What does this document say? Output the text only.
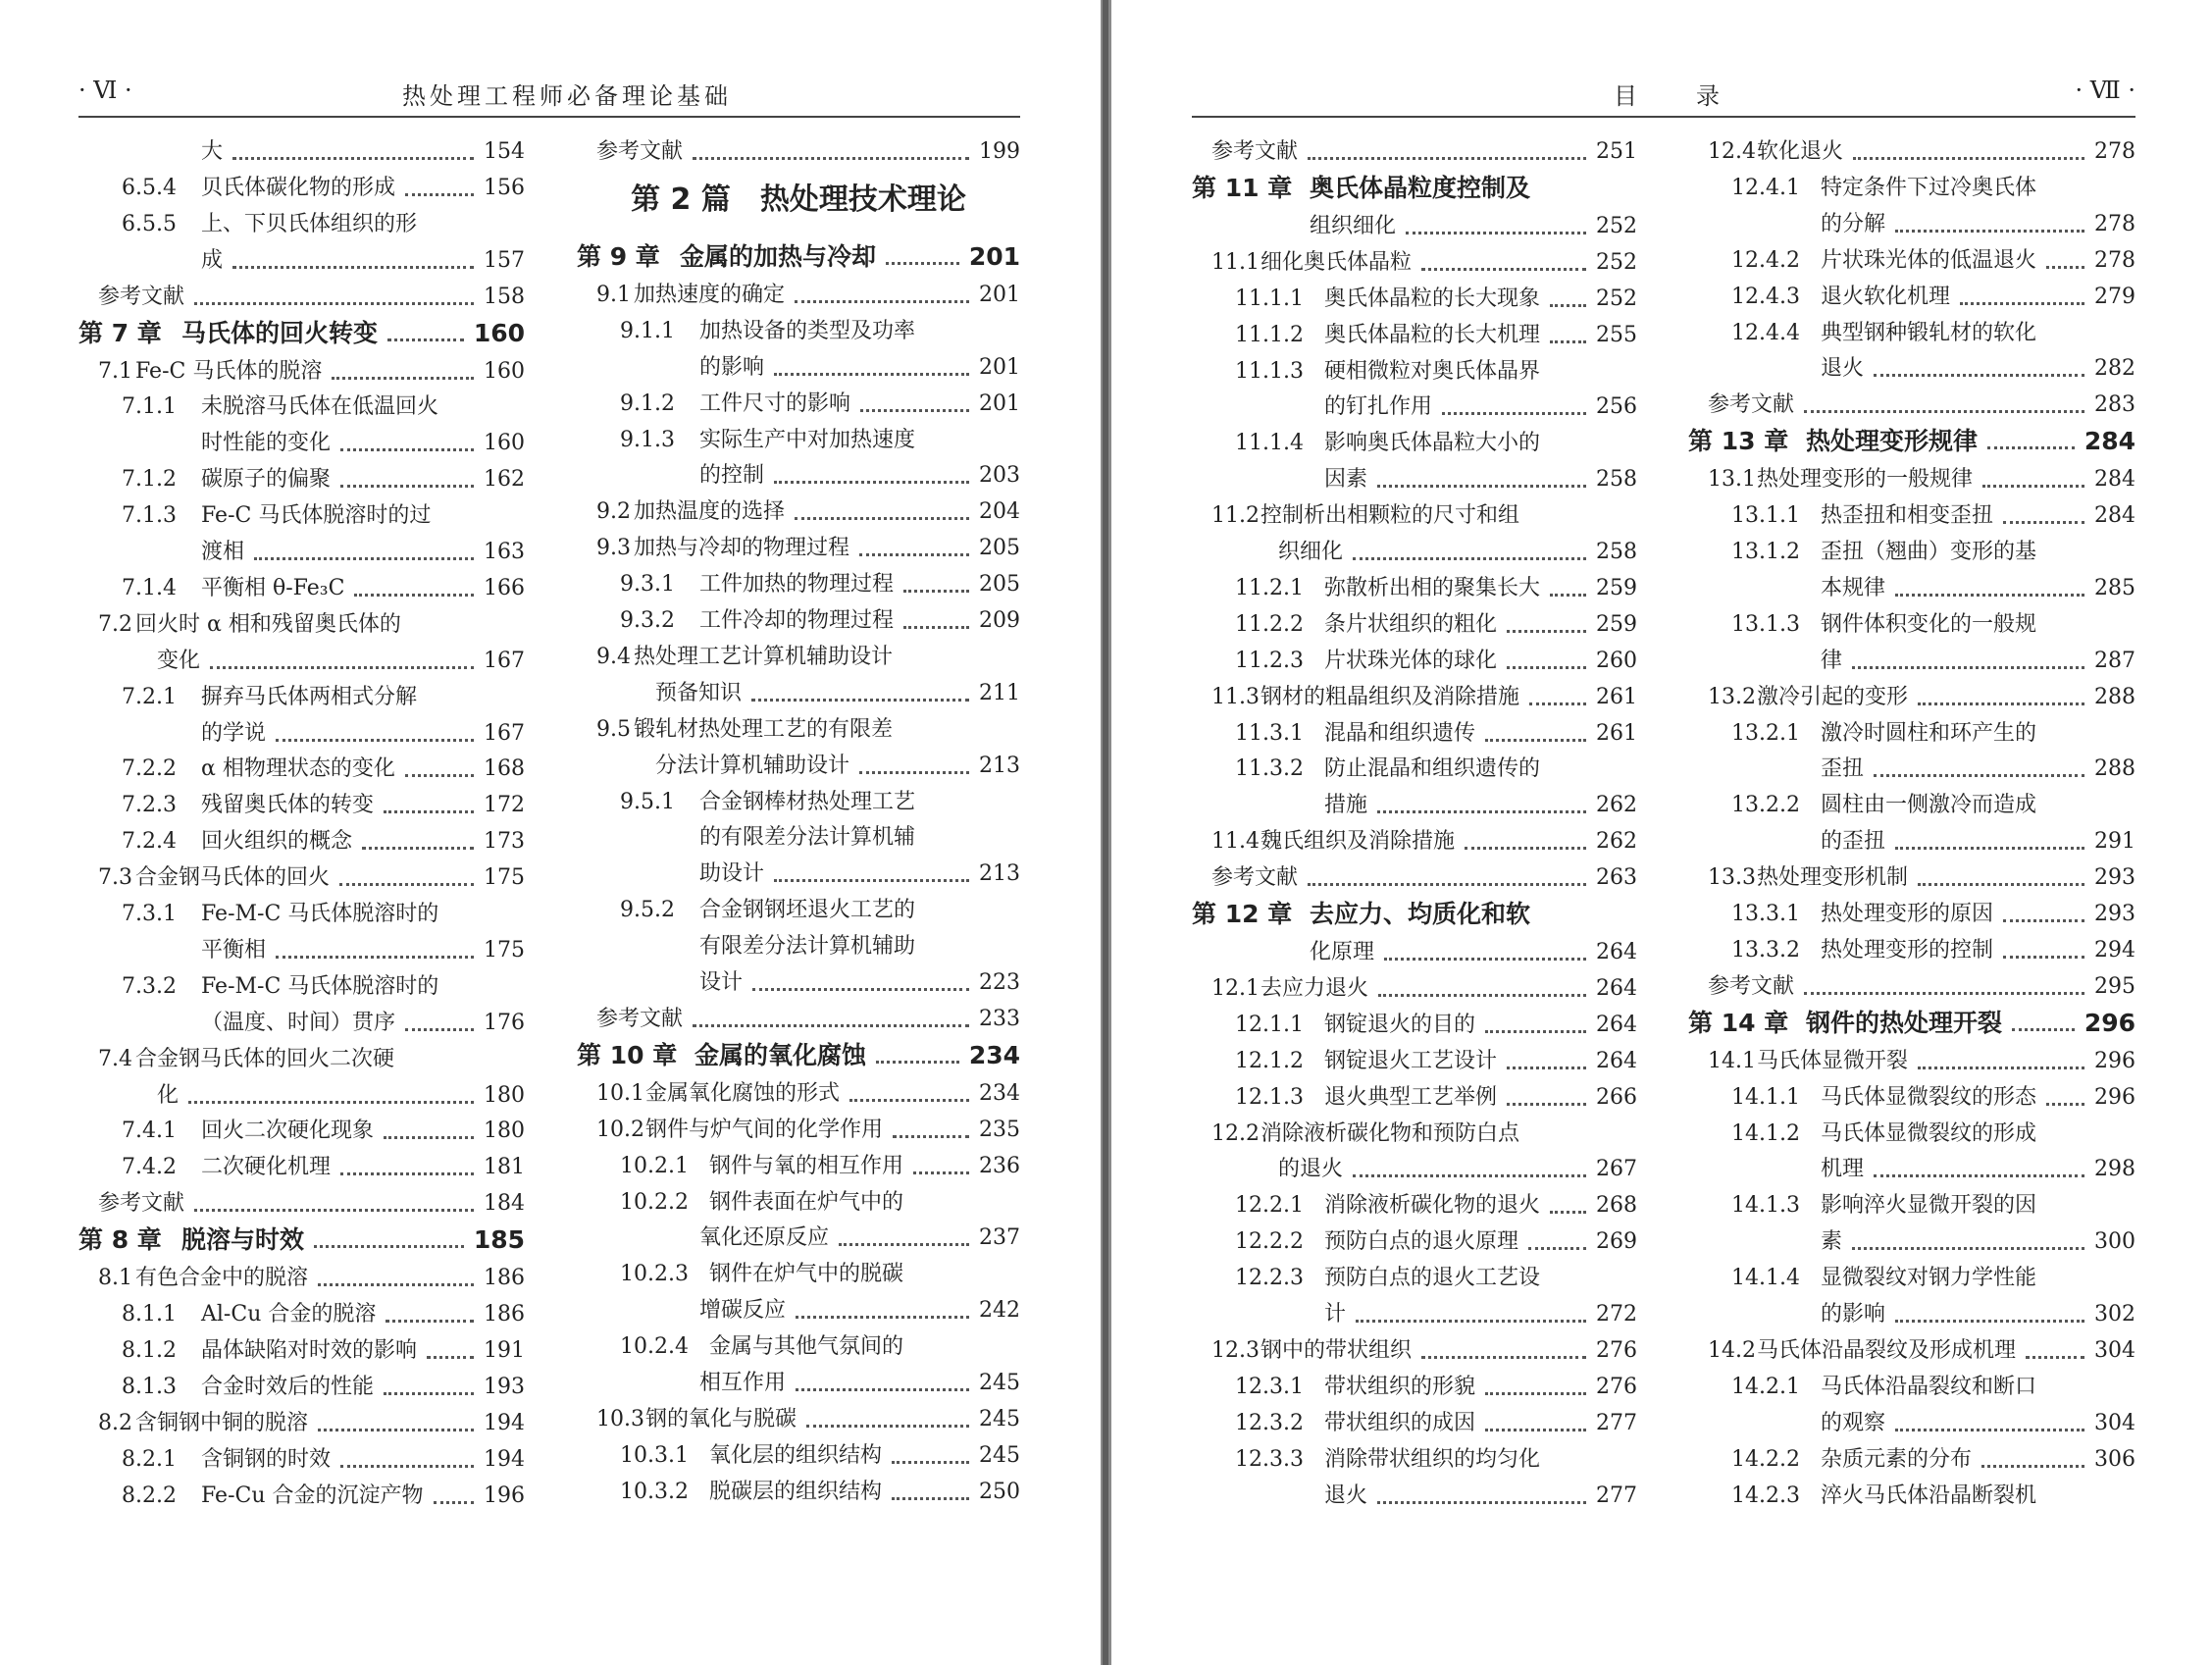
· Ⅵ ·	热处理工程师必备理论基础
大	154
6.5.4 贝氏体碳化物的形成	156
6.5.5 上、下贝氏体组织的形
成	157
参考文献	158
第 7 章 马氏体的回火转变	160
7.1 Fe-C 马氏体的脱溶	160
7.1.1 未脱溶马氏体在低温回火
时性能的变化	160
7.1.2 碳原子的偏聚	162
7.1.3 Fe-C 马氏体脱溶时的过
渡相	163
7.1.4 平衡相 θ-Fe₃C	166
7.2 回火时 α 相和残留奥氏体的
变化	167
7.2.1 摒弃马氏体两相式分解
的学说	167
7.2.2 α 相物理状态的变化	168
7.2.3 残留奥氏体的转变	172
7.2.4 回火组织的概念	173
7.3 合金钢马氏体的回火	175
7.3.1 Fe-M-C 马氏体脱溶时的
平衡相	175
7.3.2 Fe-M-C 马氏体脱溶时的
（温度、时间）贯序	176
7.4 合金钢马氏体的回火二次硬
化	180
7.4.1 回火二次硬化现象	180
7.4.2 二次硬化机理	181
参考文献	184
第 8 章 脱溶与时效	185
8.1 有色合金中的脱溶	186
8.1.1 Al-Cu 合金的脱溶	186
8.1.2 晶体缺陷对时效的影响	191
8.1.3 合金时效后的性能	193
8.2 含铜钢中铜的脱溶	194
8.2.1 含铜钢的时效	194
8.2.2 Fe-Cu 合金的沉淀产物	196
参考文献	199
第 2 篇　热处理技术理论
第 9 章 金属的加热与冷却	201
9.1 加热速度的确定	201
9.1.1 加热设备的类型及功率
的影响	201
9.1.2 工件尺寸的影响	201
9.1.3 实际生产中对加热速度
的控制	203
9.2 加热温度的选择	204
9.3 加热与冷却的物理过程	205
9.3.1 工件加热的物理过程	205
9.3.2 工件冷却的物理过程	209
9.4 热处理工艺计算机辅助设计
预备知识	211
9.5 锻轧材热处理工艺的有限差
分法计算机辅助设计	213
9.5.1 合金钢棒材热处理工艺
的有限差分法计算机辅
助设计	213
9.5.2 合金钢钢坯退火工艺的
有限差分法计算机辅助
设计	223
参考文献	233
第 10 章 金属的氧化腐蚀	234
10.1 金属氧化腐蚀的形式	234
10.2 钢件与炉气间的化学作用	235
10.2.1 钢件与氧的相互作用	236
10.2.2 钢件表面在炉气中的
氧化还原反应	237
10.2.3 钢件在炉气中的脱碳
增碳反应	242
10.2.4 金属与其他气氛间的
相互作用	245
10.3 钢的氧化与脱碳	245
10.3.1 氧化层的组织结构	245
10.3.2 脱碳层的组织结构	250
目　　录	· Ⅶ ·
参考文献	251
第 11 章 奥氏体晶粒度控制及
组织细化	252
11.1 细化奥氏体晶粒	252
11.1.1 奥氏体晶粒的长大现象	252
11.1.2 奥氏体晶粒的长大机理	255
11.1.3 硬相微粒对奥氏体晶界
的钉扎作用	256
11.1.4 影响奥氏体晶粒大小的
因素	258
11.2 控制析出相颗粒的尺寸和组
织细化	258
11.2.1 弥散析出相的聚集长大	259
11.2.2 条片状组织的粗化	259
11.2.3 片状珠光体的球化	260
11.3 钢材的粗晶组织及消除措施	261
11.3.1 混晶和组织遗传	261
11.3.2 防止混晶和组织遗传的
措施	262
11.4 魏氏组织及消除措施	262
参考文献	263
第 12 章 去应力、均质化和软
化原理	264
12.1 去应力退火	264
12.1.1 钢锭退火的目的	264
12.1.2 钢锭退火工艺设计	264
12.1.3 退火典型工艺举例	266
12.2 消除液析碳化物和预防白点
的退火	267
12.2.1 消除液析碳化物的退火	268
12.2.2 预防白点的退火原理	269
12.2.3 预防白点的退火工艺设
计	272
12.3 钢中的带状组织	276
12.3.1 带状组织的形貌	276
12.3.2 带状组织的成因	277
12.3.3 消除带状组织的均匀化
退火	277
12.4 软化退火	278
12.4.1 特定条件下过冷奥氏体
的分解	278
12.4.2 片状珠光体的低温退火	278
12.4.3 退火软化机理	279
12.4.4 典型钢种锻轧材的软化
退火	282
参考文献	283
第 13 章 热处理变形规律	284
13.1 热处理变形的一般规律	284
13.1.1 热歪扭和相变歪扭	284
13.1.2 歪扭（翘曲）变形的基
本规律	285
13.1.3 钢件体积变化的一般规
律	287
13.2 激冷引起的变形	288
13.2.1 激冷时圆柱和环产生的
歪扭	288
13.2.2 圆柱由一侧激冷而造成
的歪扭	291
13.3 热处理变形机制	293
13.3.1 热处理变形的原因	293
13.3.2 热处理变形的控制	294
参考文献	295
第 14 章 钢件的热处理开裂	296
14.1 马氏体显微开裂	296
14.1.1 马氏体显微裂纹的形态	296
14.1.2 马氏体显微裂纹的形成
机理	298
14.1.3 影响淬火显微开裂的因
素	300
14.1.4 显微裂纹对钢力学性能
的影响	302
14.2 马氏体沿晶裂纹及形成机理	304
14.2.1 马氏体沿晶裂纹和断口
的观察	304
14.2.2 杂质元素的分布	306
14.2.3 淬火马氏体沿晶断裂机
